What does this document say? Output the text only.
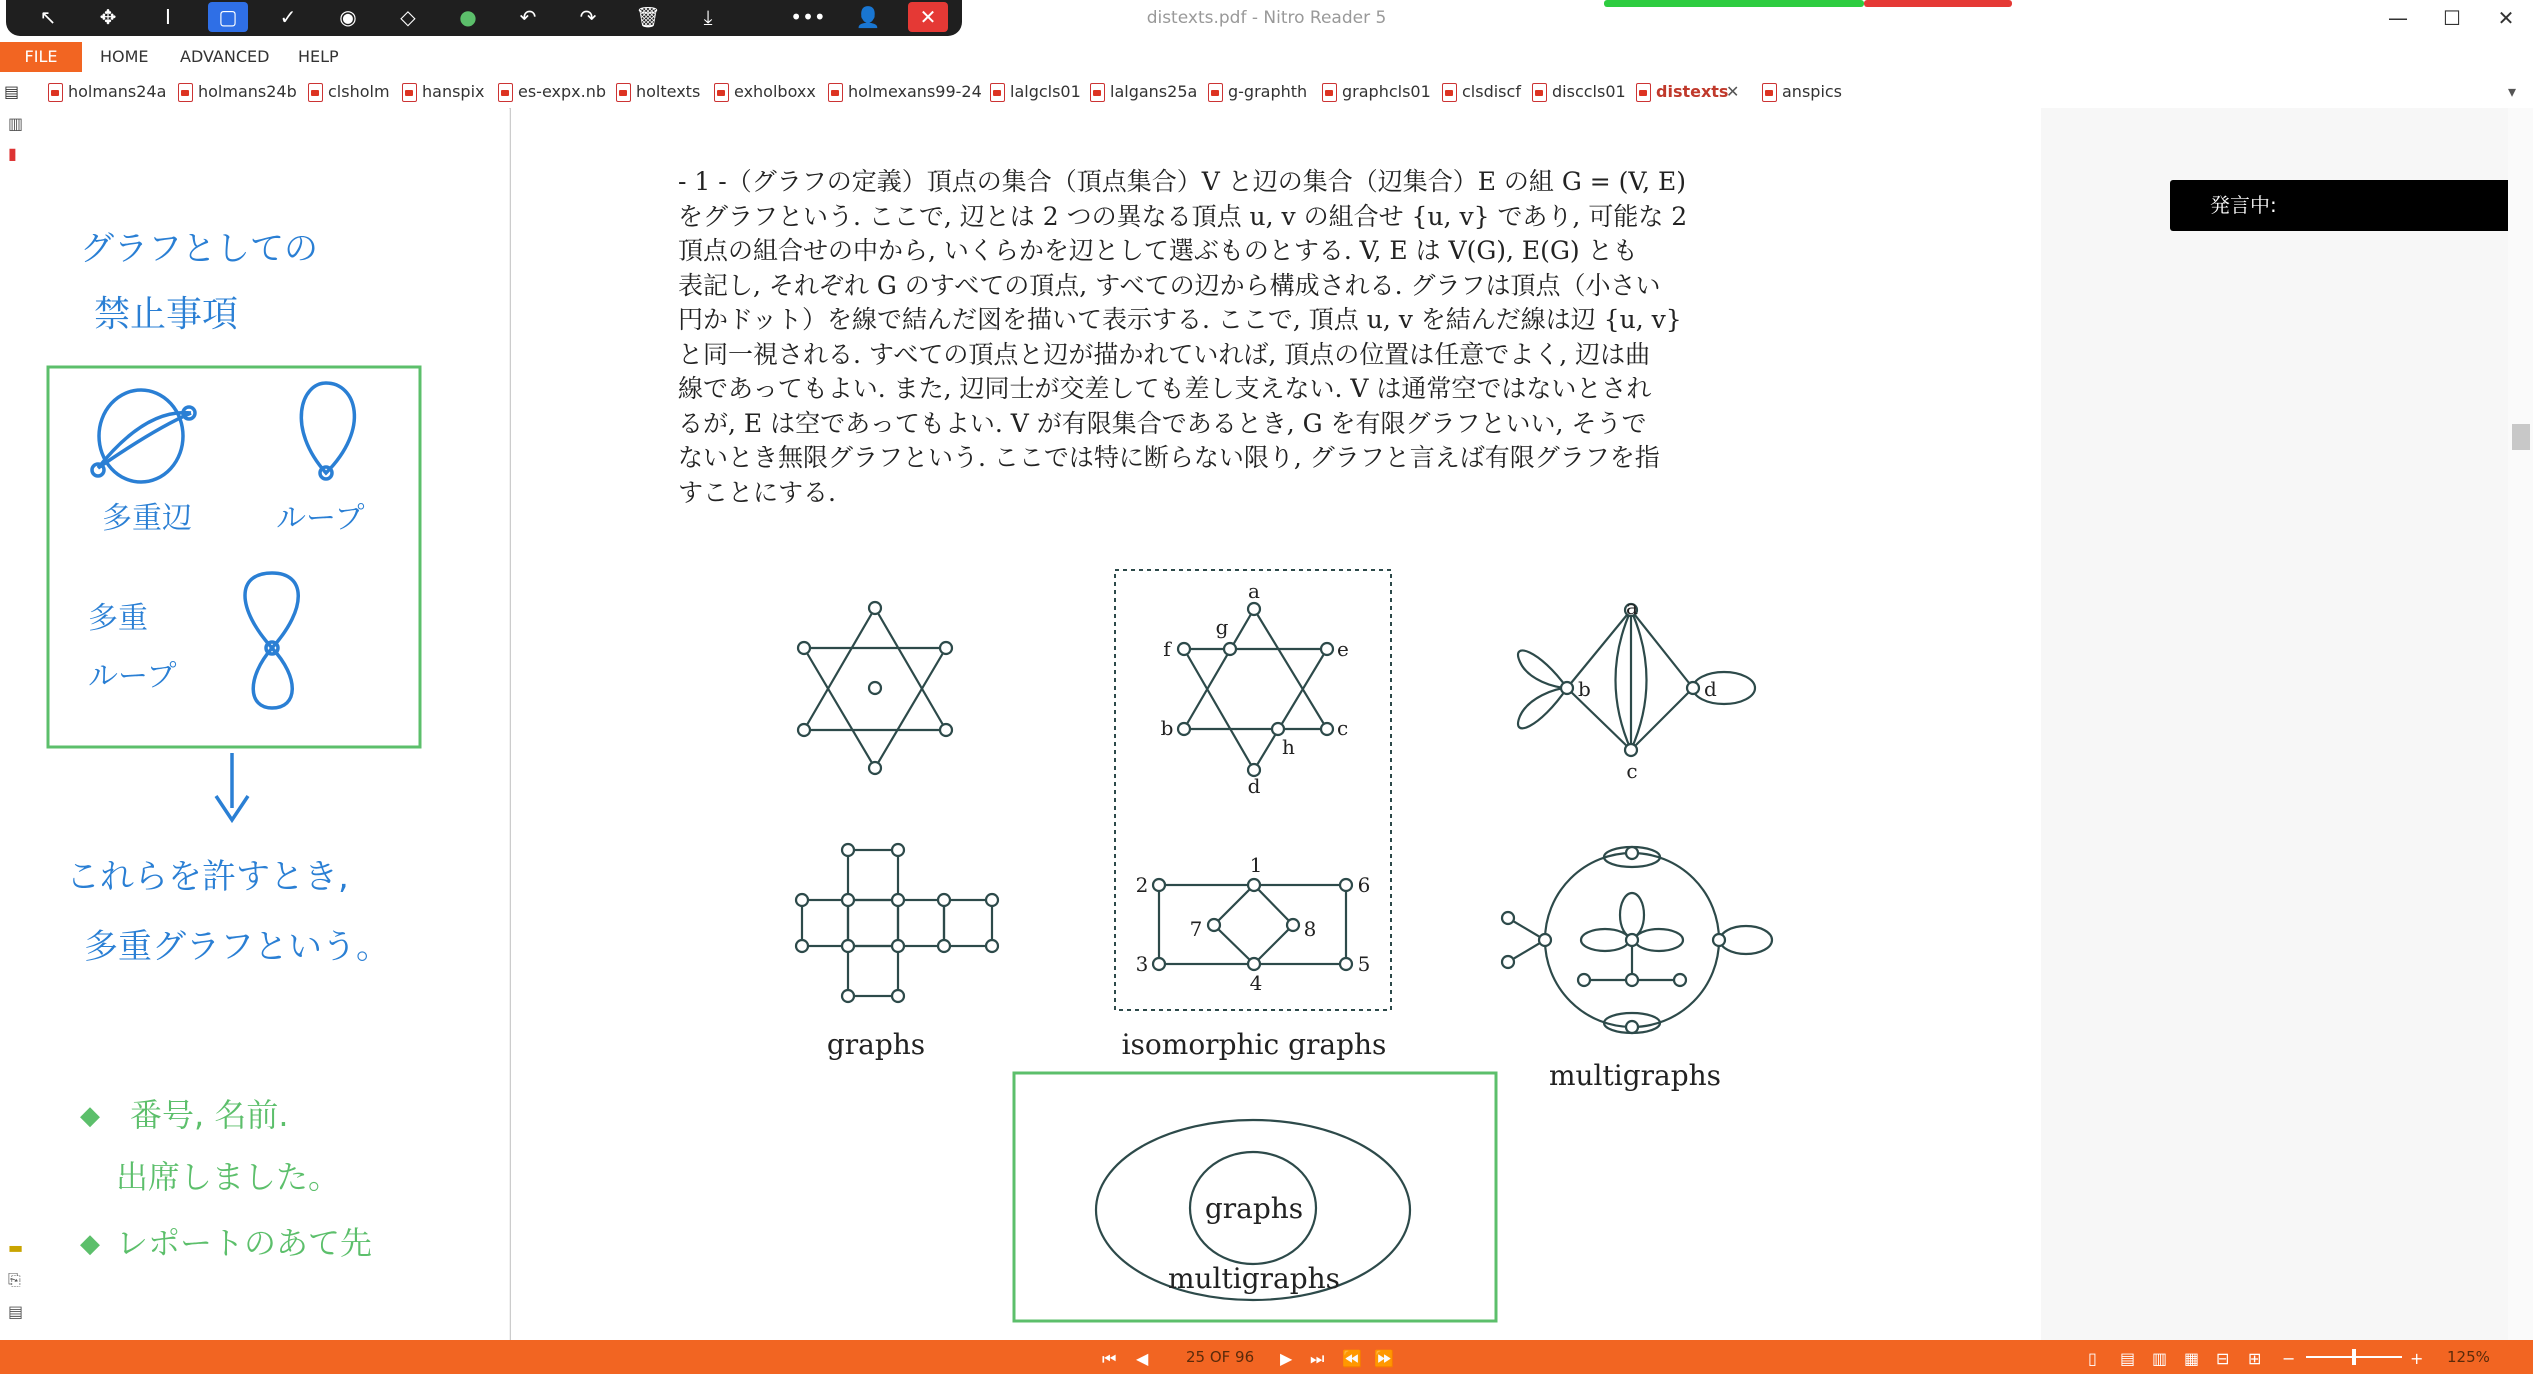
distexts.pdf - Nitro Reader 5	—	☐	✕
↖	✥	I	▢	✓	◉	◇	●	↶	↷	🗑	⤓	•••	👤	✕
FILE	HOME ADVANCED HELP
▤	holmans24a	holmans24b	clsholm	hanspix	es-expx.nb	holtexts	exholboxx	holmexans99-24	lalgcls01	lalgans25a	g-graphth	graphcls01	clsdiscf	disccls01	distexts
✕	anspics	▾
▥
▮
▬
⎘
▤
グラフとしての
禁止事項
多重辺	ループ
多重
ループ
これらを許すとき,
多重グラフという。
◆ 番号, 名前.
出席しました。
◆ レポートのあて先
- 1 -（グラフの定義）頂点の集合（頂点集合）V と辺の集合（辺集合）E の組 G = (V, E)
をグラフという. ここで, 辺とは 2 つの異なる頂点 u, v の組合せ {u, v} であり, 可能な 2
頂点の組合せの中から, いくらかを辺として選ぶものとする. V, E は V(G), E(G) とも
表記し, それぞれ G のすべての頂点, すべての辺から構成される. グラフは頂点（小さい
円かドット）を線で結んだ図を描いて表示する. ここで, 頂点 u, v を結んだ線は辺 {u, v}
と同一視される. すべての頂点と辺が描かれていれば, 頂点の位置は任意でよく, 辺は曲
線であってもよい. また, 辺同士が交差しても差し支えない. V は通常空ではないとされ
るが, E は空であってもよい. V が有限集合であるとき, G を有限グラフといい, そうで
ないとき無限グラフという. ここでは特に断らない限り, グラフと言えば有限グラフを指
すことにする.
a
g
f	e
b	c
h
d
1
2	6
7	8
3	5
4
a
b	d
c
graphs	isomorphic graphs
multigraphs
graphs
multigraphs
発言中:
⏮ ◀	25 OF 96 ▶ ⏭ ⏪ ⏩	▯ ▤ ▥ ▦ ⊟ ⊞ −	+ 125%
